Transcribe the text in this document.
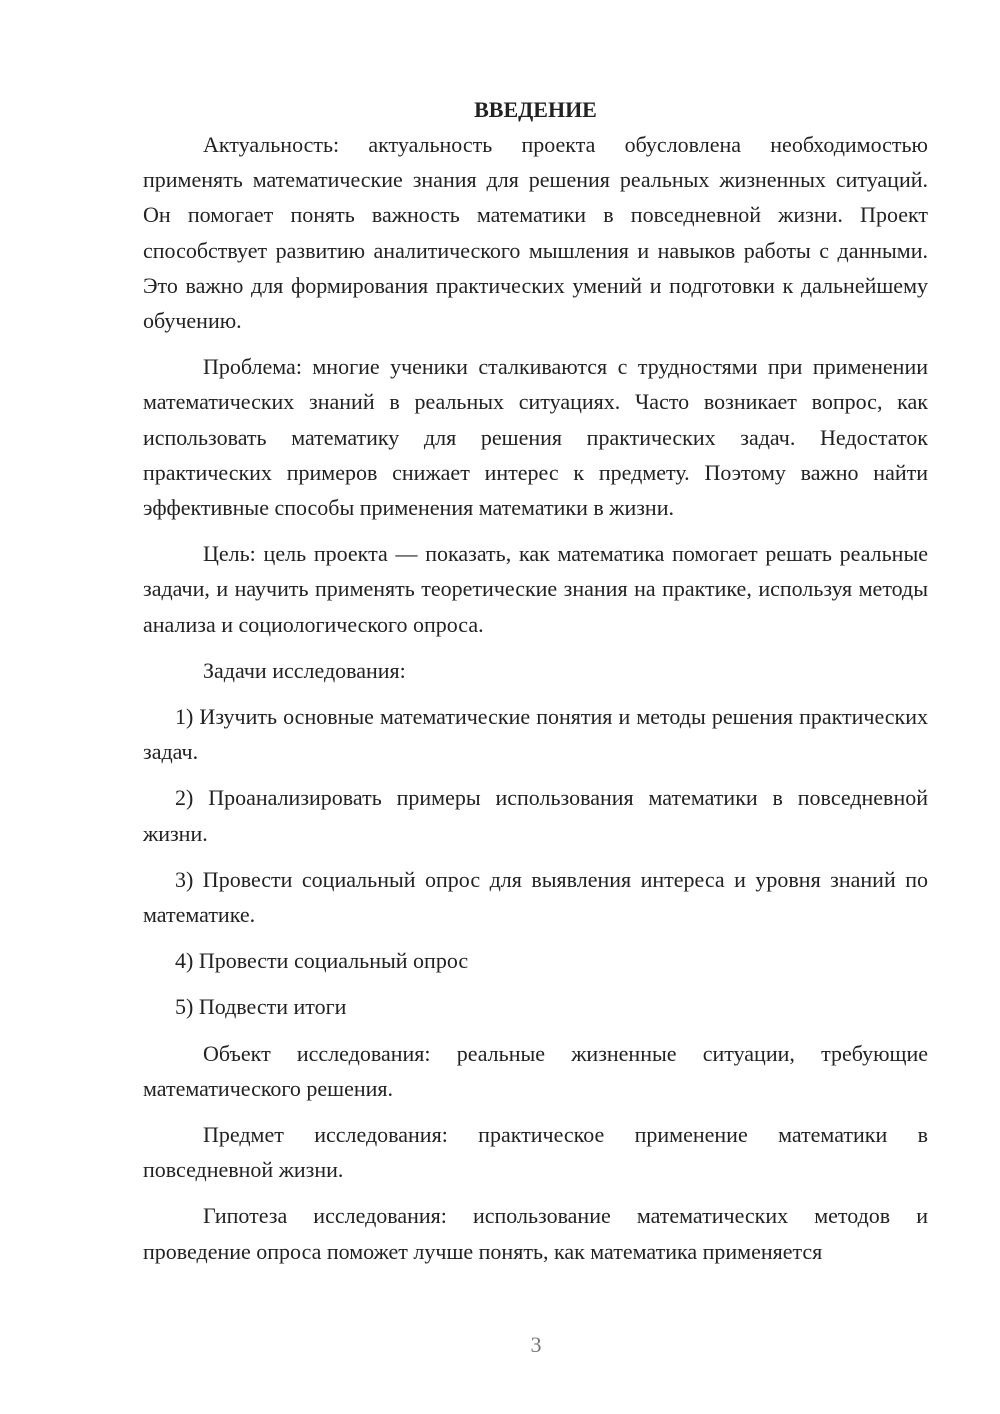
ВВЕДЕНИЕ

Актуальность: актуальность проекта обусловлена необходимостью применять математические знания для решения реальных жизненных ситуаций. Он помогает понять важность математики в повседневной жизни. Проект способствует развитию аналитического мышления и навыков работы с данными. Это важно для формирования практических умений и подготовки к дальнейшему обучению.

Проблема: многие ученики сталкиваются с трудностями при применении математических знаний в реальных ситуациях. Часто возникает вопрос, как использовать математику для решения практических задач. Недостаток практических примеров снижает интерес к предмету. Поэтому важно найти эффективные способы применения математики в жизни.

Цель: цель проекта — показать, как математика помогает решать реальные задачи, и научить применять теоретические знания на практике, используя методы анализа и социологического опроса.

Задачи исследования:

1) Изучить основные математические понятия и методы решения практических задач.

2) Проанализировать примеры использования математики в повседневной жизни.

3) Провести социальный опрос для выявления интереса и уровня знаний по математике.

4) Провести социальный опрос

5) Подвести итоги

Объект исследования: реальные жизненные ситуации, требующие математического решения.

Предмет исследования: практическое применение математики в повседневной жизни.

Гипотеза исследования: использование математических методов и проведение опроса поможет лучше понять, как математика применяется

3
